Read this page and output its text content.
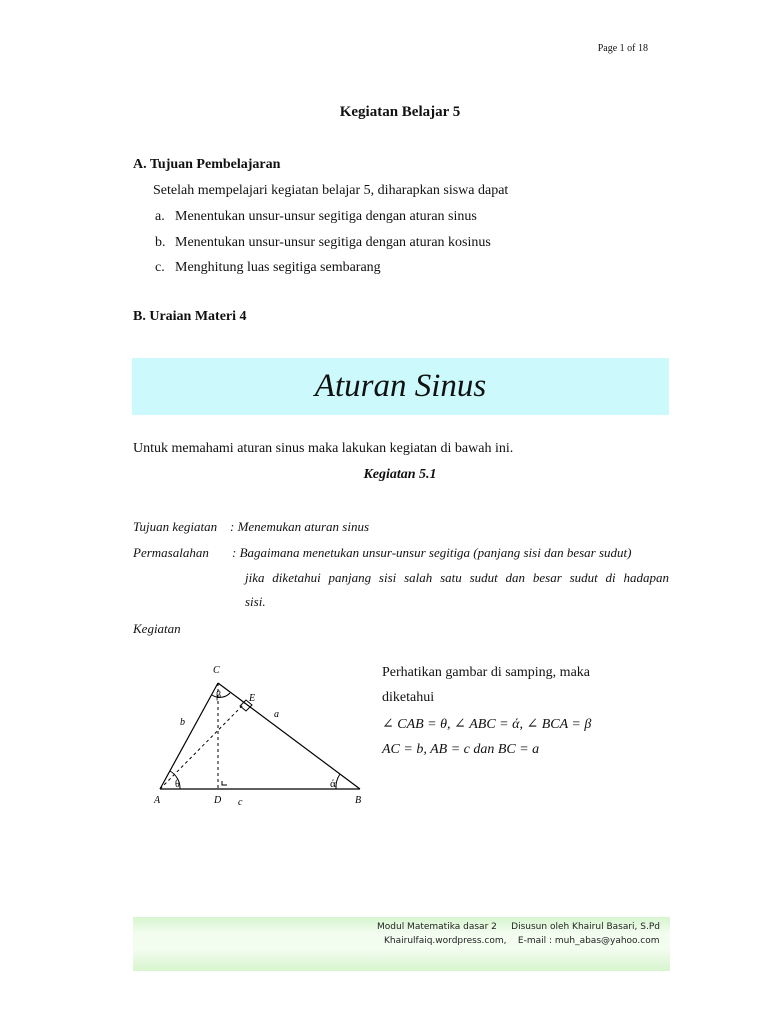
Page 1 of 18
Kegiatan Belajar 5
A. Tujuan Pembelajaran
Setelah mempelajari kegiatan belajar 5, diharapkan siswa dapat
a. Menentukan unsur-unsur segitiga dengan aturan sinus
b. Menentukan unsur-unsur segitiga dengan aturan kosinus
c. Menghitung luas segitiga sembarang
B. Uraian Materi 4
Aturan Sinus
Untuk memahami aturan sinus maka lakukan kegiatan di bawah ini.
Kegiatan 5.1
Tujuan kegiatan : Menemukan aturan sinus
Permasalahan : Bagaimana menetukan unsur-unsur segitiga (panjang sisi dan besar sudut)
jika diketahui panjang sisi salah satu sudut dan besar sudut di hadapan
sisi.
Kegiatan
C
A	D	B
E
b
a
c
θ	ά
β
Perhatikan gambar di samping, maka
diketahui
∠ CAB = θ, ∠ ABC = ά, ∠ BCA = β
AC = b, AB = c dan BC = a
Modul Matematika dasar 2     Disusun oleh Khairul Basari, S.Pd
Khairulfaiq.wordpress.com,    E-mail : muh_abas@yahoo.com
